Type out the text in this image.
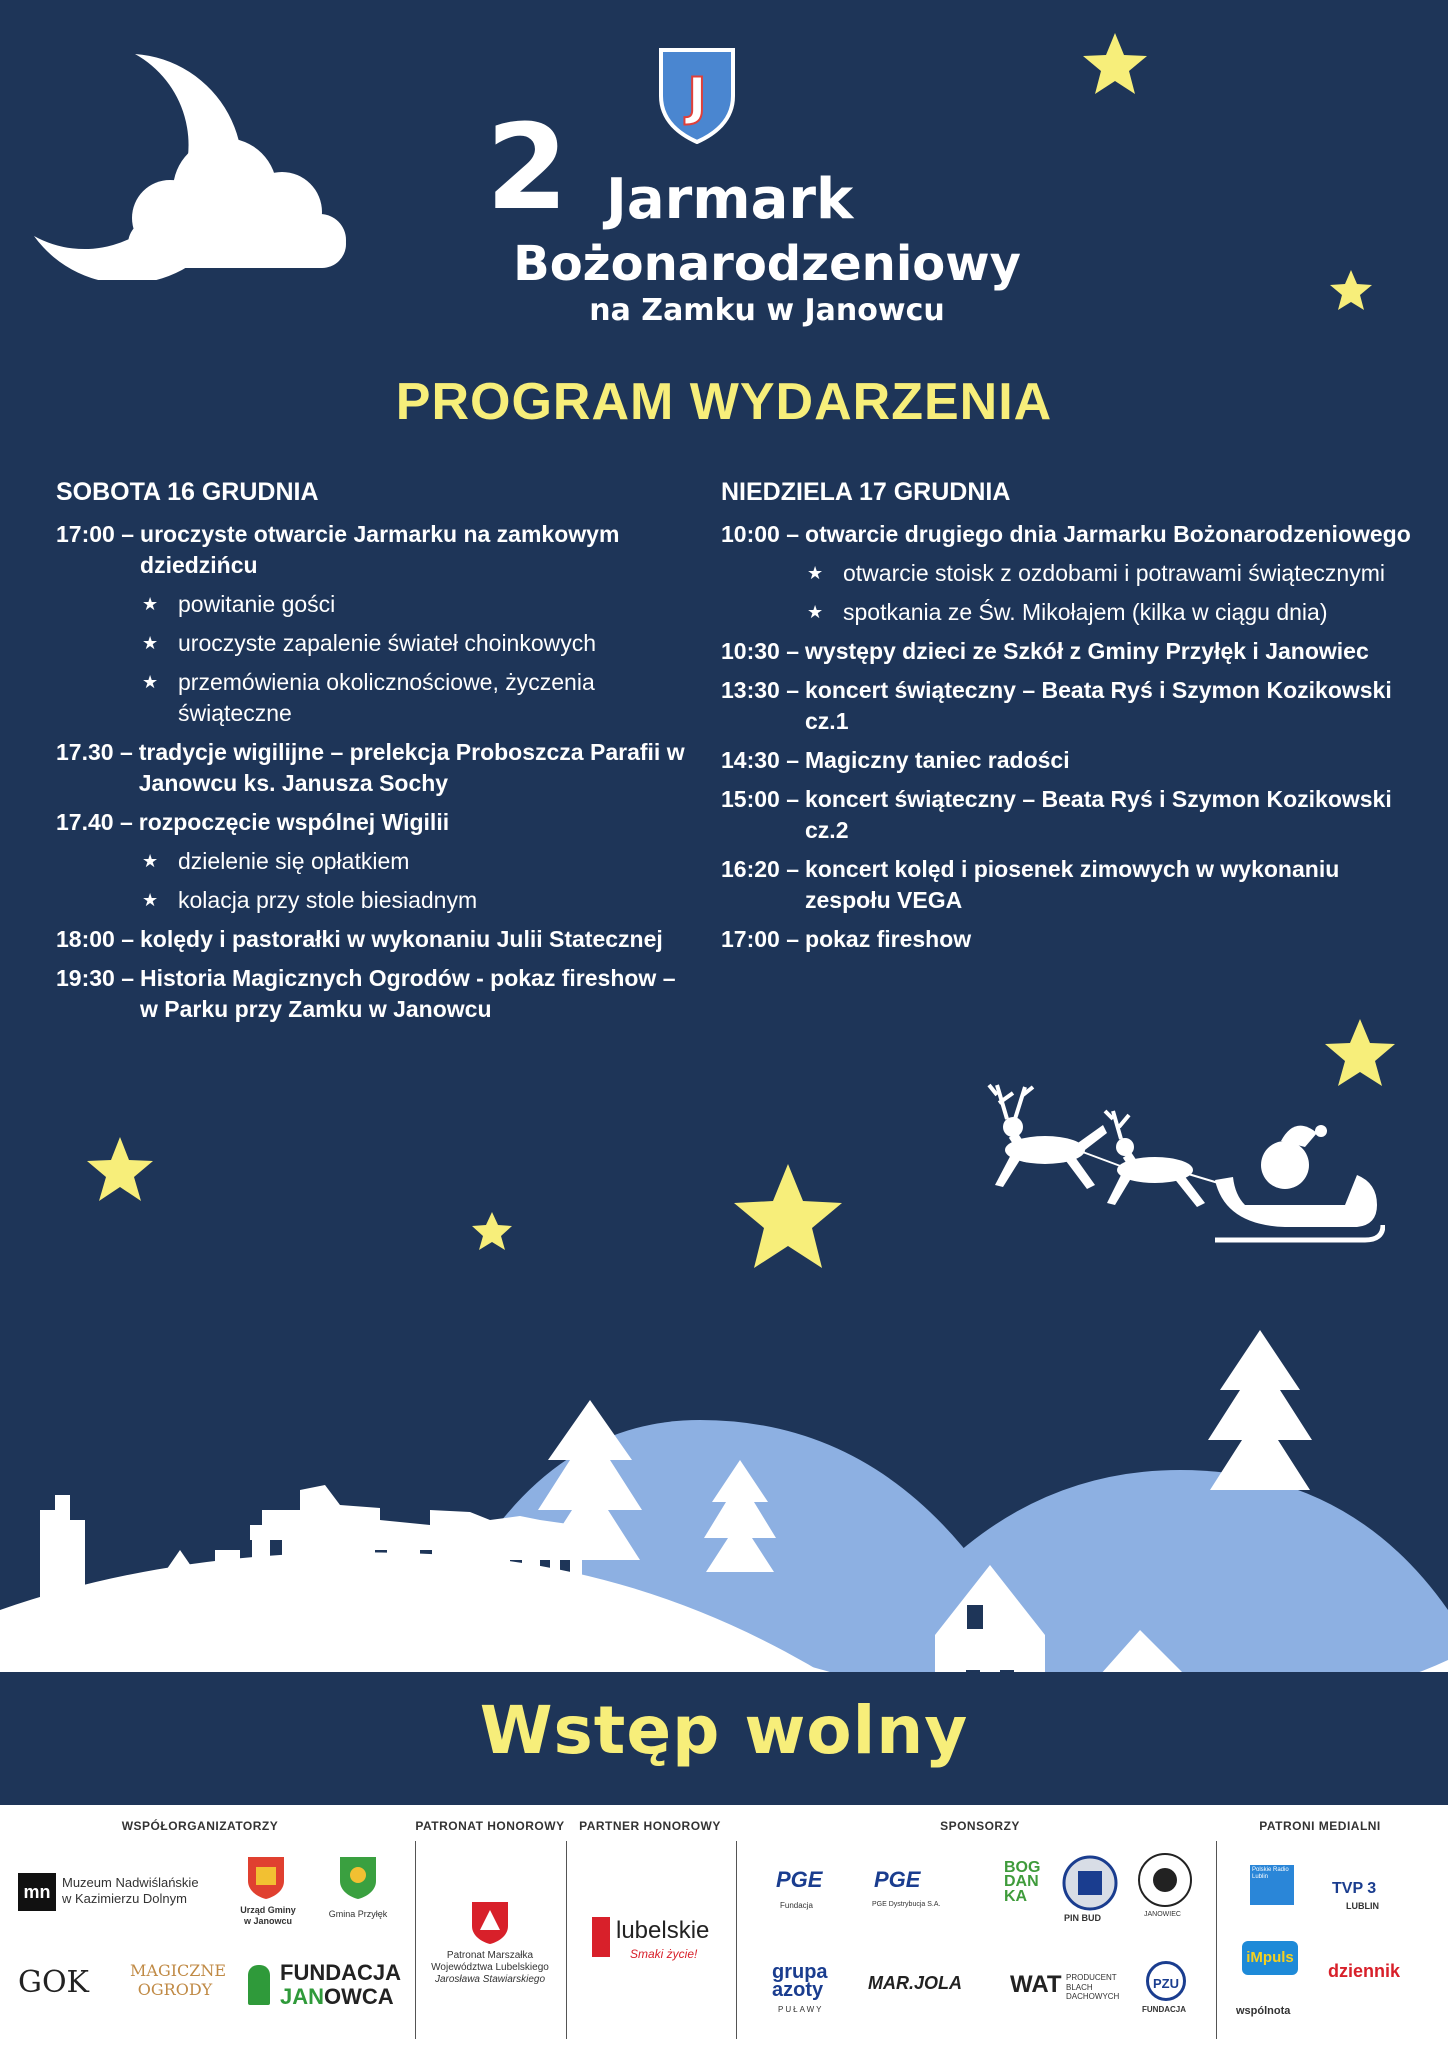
J
2 Jarmark
Bożonarodzeniowy
na Zamku w Janowcu
PROGRAM WYDARZENIA
SOBOTA 16 GRUDNIA
17:00 – uroczyste otwarcie Jarmarku na zamkowym dziedzińcu
★ powitanie gości
★ uroczyste zapalenie świateł choinkowych
★ przemówienia okolicznościowe, życzenia świąteczne
17.30 – tradycje wigilijne – prelekcja Proboszcza Parafii w Janowcu ks. Janusza Sochy
17.40 – rozpoczęcie wspólnej Wigilii
★ dzielenie się opłatkiem
★ kolacja przy stole biesiadnym
18:00 – kolędy i pastorałki w wykonaniu Julii Statecznej
19:30 – Historia Magicznych Ogrodów - pokaz fireshow – w Parku przy Zamku w Janowcu
NIEDZIELA 17 GRUDNIA
10:00 – otwarcie drugiego dnia Jarmarku Bożonarodzeniowego
★ otwarcie stoisk z ozdobami i potrawami świątecznymi
★ spotkania ze Św. Mikołajem (kilka w ciągu dnia)
10:30 – występy dzieci ze Szkół z Gminy Przyłęk i Janowiec
13:30 – koncert świąteczny – Beata Ryś i Szymon Kozikowski cz.1
14:30 – Magiczny taniec radości
15:00 – koncert świąteczny – Beata Ryś i Szymon Kozikowski cz.2
16:20 – koncert kolęd i piosenek zimowych w wykonaniu zespołu VEGA
17:00 – pokaz fireshow
Wstęp wolny
WSPÓŁORGANIZATORZY	PATRONAT HONOROWY	PARTNER HONOROWY	SPONSORZY	PATRONI MEDIALNI
mn Muzeum Nadwiślańskie
w Kazimierzu Dolnym
Urząd Gminy
w Janowcu
Gmina Przyłęk
GOK	MAGICZNE
OGRODY
FUNDACJA
JANOWCA
Patronat Marszałka
Województwa Lubelskiego
Jarosława Stawiarskiego
lubelskie
Smaki życie!
PGE
Fundacja
PGE
PGE Dystrybucja S.A.
BOG
DAN
KA
PIN BUD	JANOWIEC
grupa
azoty
PUŁAWY
MAR.JOLA WAT PRODUCENT
BLACH
DACHOWYCH
PZU
FUNDACJA
Polskie Radio Lublin
TVP 3
LUBLIN
iMpuls
dziennik
wspólnota
